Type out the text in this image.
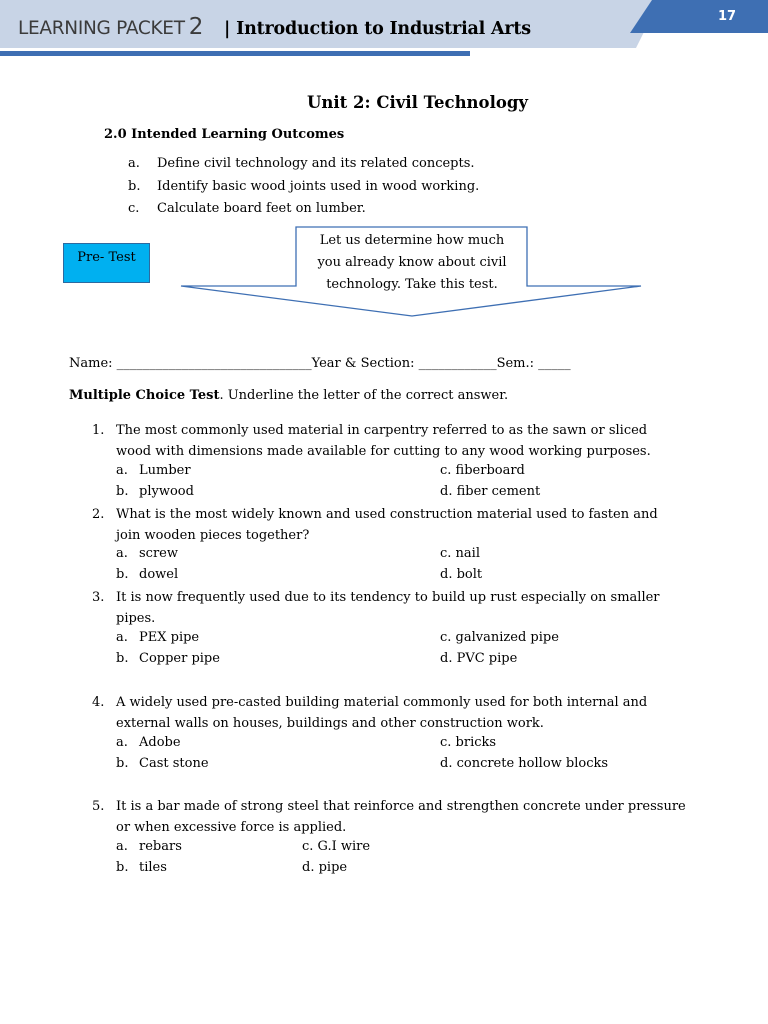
LEARNING PACKET 2 | Introduction to Industrial Arts
17
Unit 2: Civil Technology
2.0 Intended Learning Outcomes
a. Define civil technology and its related concepts.
b. Identify basic wood joints used in wood working.
c. Calculate board feet on lumber.
Pre- Test
Let us determine how much
you already know about civil
technology. Take this test.
Name: ______________________________Year & Section: ____________Sem.: _____
Multiple Choice Test. Underline the letter of the correct answer.
1. The most commonly used material in carpentry referred to as the sawn or sliced
wood with dimensions made available for cutting to any wood working purposes.
a. Lumber	c. fiberboard
b. plywood	d. fiber cement
2. What is the most widely known and used construction material used to fasten and
join wooden pieces together?
a. screw	c. nail
b. dowel	d. bolt
3. It is now frequently used due to its tendency to build up rust especially on smaller
pipes.
a. PEX pipe	c. galvanized pipe
b. Copper pipe	d. PVC pipe
4. A widely used pre-casted building material commonly used for both internal and
external walls on houses, buildings and other construction work.
a. Adobe	c. bricks
b. Cast stone	d. concrete hollow blocks
5. It is a bar made of strong steel that reinforce and strengthen concrete under pressure
or when excessive force is applied.
a. rebars	c. G.I wire
b. tiles	d. pipe
